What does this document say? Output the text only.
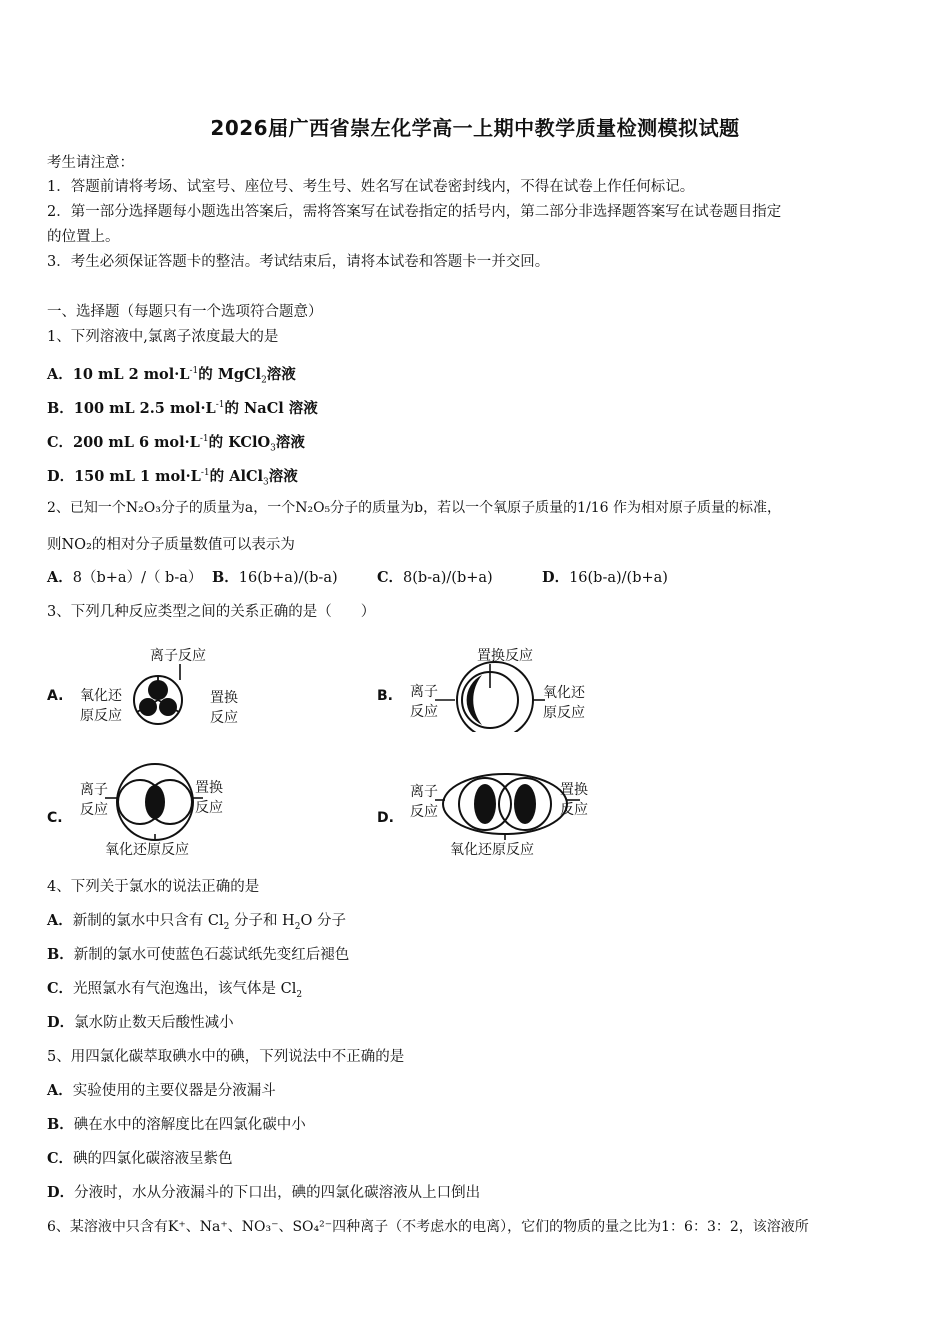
2026届广西省崇左化学高一上期中教学质量检测模拟试题
考生请注意：
1．答题前请将考场、试室号、座位号、考生号、姓名写在试卷密封线内，不得在试卷上作任何标记。
2．第一部分选择题每小题选出答案后，需将答案写在试卷指定的括号内，第二部分非选择题答案写在试卷题目指定
的位置上。
3．考生必须保证答题卡的整洁。考试结束后，请将本试卷和答题卡一并交回。
一、选择题（每题只有一个选项符合题意）
1、下列溶液中,氯离子浓度最大的是
A．10 mL 2 $mol\cdot L^{-1}$的 MgCl$_2$溶液
B．100 mL 2.5 $mol\cdot L^{-1}$的 NaCl 溶液
C．200 mL 6 $mol\cdot L^{-1}$的 KClO$_3$溶液
D．150 mL 1 $mol\cdot L^{-1}$的 AlCl$_3$溶液
2、已知一个N₂O₃分子的质量为a，一个N₂O₅分子的质量为b，若以一个氧原子质量的1/16 作为相对原子质量的标准，
则NO₂的相对分子质量数值可以表示为
A．8（b+a）/（ b-a） B．16(b+a)/(b-a)	C．8(b-a)/(b+a)	D．16(b-a)/(b+a)
3、下列几种反应类型之间的关系正确的是（　　）
A.
离子反应
氧化还
原反应
置换
反应
B.
置换反应
离子
反应
氧化还
原反应
C.
离子
反应
置换
反应
氧化还原反应
D.
离子
反应
置换
反应
氧化还原反应
4、下列关于氯水的说法正确的是
A．新制的氯水中只含有 $Cl_2$ 分子和 $H_2O$ 分子
B．新制的氯水可使蓝色石蕊试纸先变红后褪色
C．光照氯水有气泡逸出，该气体是 $Cl_2$
D．氯水防止数天后酸性减小
5、用四氯化碳萃取碘水中的碘，下列说法中不正确的是
A．实验使用的主要仪器是分液漏斗
B．碘在水中的溶解度比在四氯化碳中小
C．碘的四氯化碳溶液呈紫色
D．分液时，水从分液漏斗的下口出，碘的四氯化碳溶液从上口倒出
6、某溶液中只含有K⁺、Na⁺、NO₃⁻、SO₄²⁻四种离子（不考虑水的电离），它们的物质的量之比为1：6：3：2，该溶液所
